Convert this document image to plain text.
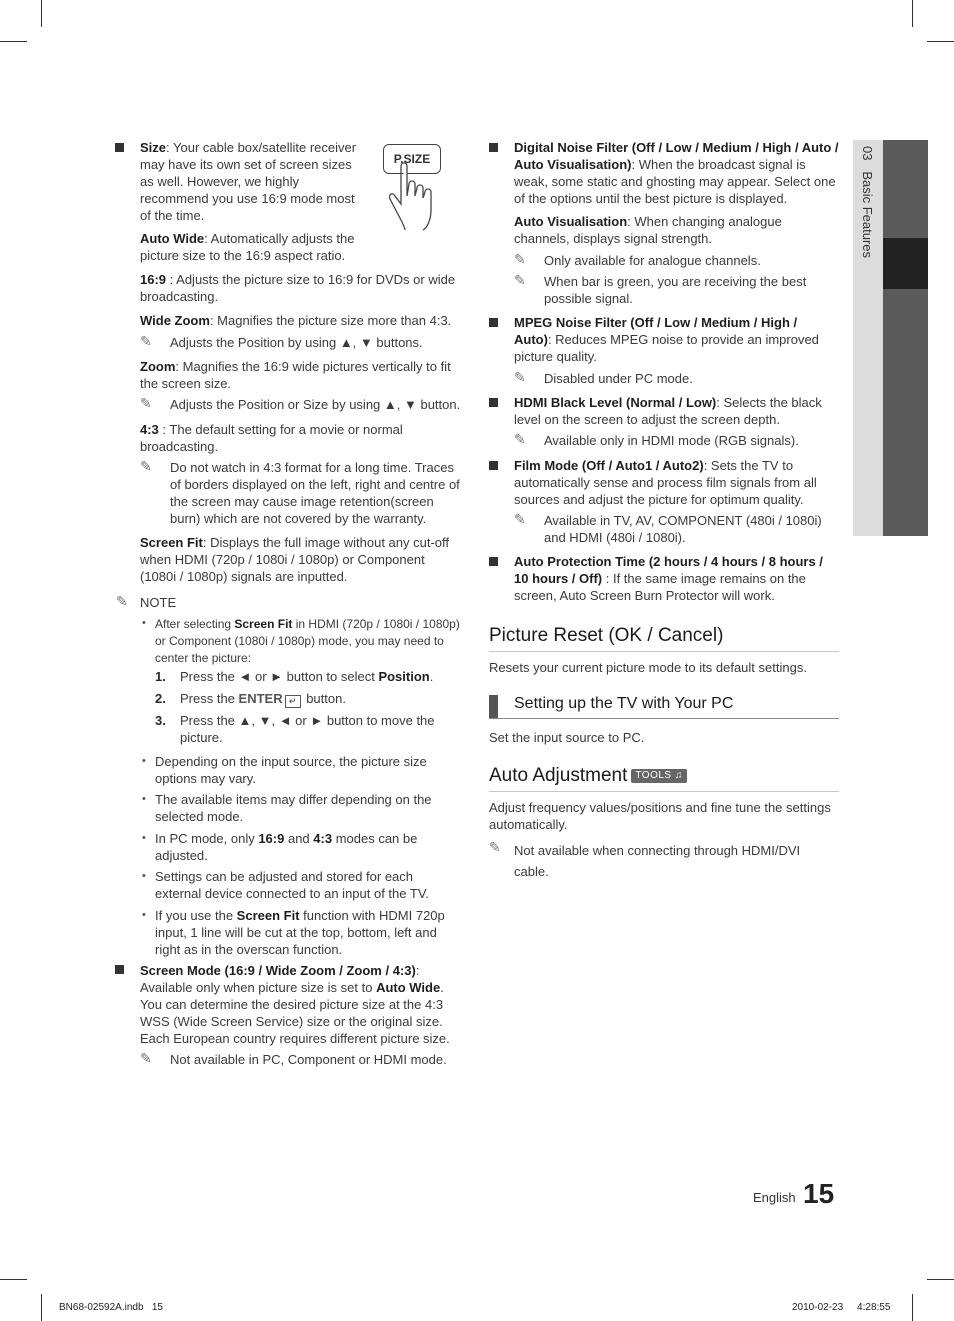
03   Basic Features
Size: Your cable box/satellite receiver may have its own set of screen sizes as well. However, we highly recommend you use 16:9 mode most of the time.
P.SIZE
Auto Wide: Automatically adjusts the picture size to the 16:9 aspect ratio.
16:9 : Adjusts the picture size to 16:9 for DVDs or wide broadcasting.
Wide Zoom: Magnifies the picture size more than 4:3.
✎ Adjusts the Position by using ▲, ▼ buttons.
Zoom: Magnifies the 16:9 wide pictures vertically to fit the screen size.
✎ Adjusts the Position or Size by using ▲, ▼ button.
4:3 : The default setting for a movie or normal broadcasting.
✎ Do not watch in 4:3 format for a long time. Traces of borders displayed on the left, right and centre of the screen may cause image retention(screen burn) which are not covered by the warranty.
Screen Fit: Displays the full image without any cut-off when HDMI (720p / 1080i / 1080p) or Component (1080i / 1080p) signals are inputted.
✎ NOTE
• After selecting Screen Fit in HDMI (720p / 1080i / 1080p) or Component (1080i / 1080p) mode, you may need to center the picture:
1. Press the ◄ or ► button to select Position.
2. Press the ENTER ↵ button.
3. Press the ▲, ▼, ◄ or ► button to move the picture.
• Depending on the input source, the picture size options may vary.
• The available items may differ depending on the selected mode.
• In PC mode, only 16:9 and 4:3 modes can be adjusted.
• Settings can be adjusted and stored for each external device connected to an input of the TV.
• If you use the Screen Fit function with HDMI 720p input, 1 line will be cut at the top, bottom, left and right as in the overscan function.
Screen Mode (16:9 / Wide Zoom / Zoom / 4:3): Available only when picture size is set to Auto Wide. You can determine the desired picture size at the 4:3 WSS (Wide Screen Service) size or the original size. Each European country requires different picture size.
✎ Not available in PC, Component or HDMI mode.
Digital Noise Filter (Off / Low / Medium / High / Auto / Auto Visualisation): When the broadcast signal is weak, some static and ghosting may appear. Select one of the options until the best picture is displayed.
Auto Visualisation: When changing analogue channels, displays signal strength.
✎ Only available for analogue channels.
✎ When bar is green, you are receiving the best possible signal.
MPEG Noise Filter (Off / Low / Medium / High / Auto): Reduces MPEG noise to provide an improved picture quality.
✎ Disabled under PC mode.
HDMI Black Level (Normal / Low): Selects the black level on the screen to adjust the screen depth.
✎ Available only in HDMI mode (RGB signals).
Film Mode (Off / Auto1 / Auto2): Sets the TV to automatically sense and process film signals from all sources and adjust the picture for optimum quality.
✎ Available in TV, AV, COMPONENT (480i / 1080i) and HDMI (480i / 1080i).
Auto Protection Time (2 hours / 4 hours / 8 hours / 10 hours / Off) : If the same image remains on the screen, Auto Screen Burn Protector will work.
Picture Reset (OK / Cancel)
Resets your current picture mode to its default settings.
Setting up the TV with Your PC
Set the input source to PC.
Auto Adjustment TOOLS ♫
Adjust frequency values/positions and fine tune the settings automatically.
✎ Not available when connecting through HDMI/DVI cable.
English 15
BN68-02592A.indb   15	2010-02-23     4:28:55
